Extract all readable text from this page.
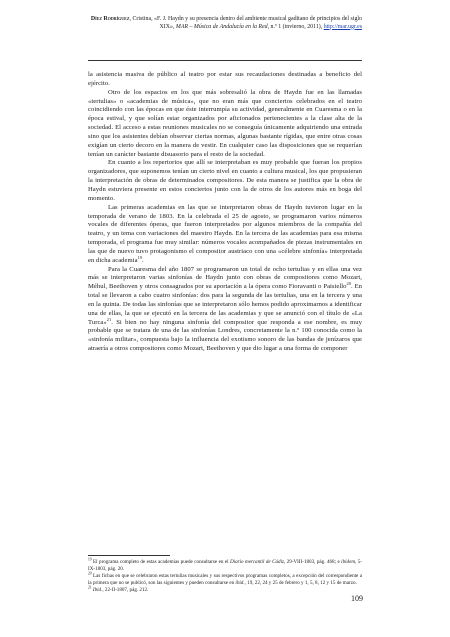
Díez Rodríguez, Cristina, «F. J. Haydn y su presencia dentro del ambiente musical gaditano de principios del siglo XIX», MAR – Música de Andalucía en la Red, n.º 1 (invierno, 2011), http://mar.ugr.es

la asistencia masiva de público al teatro por estar sus recaudaciones destinadas a beneficio del ejército.

Otro de los espacios en los que más sobresalió la obra de Haydn fue en las llamadas «tertulias» o «academias de música», que no eran más que conciertos celebrados en el teatro coincidiendo con las épocas en que éste interrumpía su actividad, generalmente en Cuaresma o en la época estival, y que solían estar organizados por aficionados pertenecientes a la clase alta de la sociedad. El acceso a estas reuniones musicales no se conseguía únicamente adquiriendo una entrada sino que los asistentes debían observar ciertas normas, algunas bastante rígidas, que entre otras cosas exigían un cierto decoro en la manera de vestir. En cualquier caso las disposiciones que se requerían tenían un carácter bastante disuasorio para el resto de la sociedad.

En cuanto a los repertorios que allí se interpretaban es muy probable que fueran los propios organizadores, que suponemos tenían un cierto nivel en cuanto a cultura musical, los que propusieran la interpretación de obras de determinados compositores. De esta manera se justifica que la obra de Haydn estuviera presente en estos conciertos junto con la de otros de los autores más en boga del momento.

Las primeras academias en las que se interpretaron obras de Haydn tuvieron lugar en la temporada de verano de 1803. En la celebrada el 25 de agosto, se programaron varios números vocales de diferentes óperas, que fueron interpretados por algunos miembros de la compañía del teatro, y un tema con variaciones del maestro Haydn. En la tercera de las academias para esa misma temporada, el programa fue muy similar: números vocales acompañados de piezas instrumentales en las que de nuevo tuvo protagonismo el compositor austriaco con una «célebre sinfonía» interpretada en dicha academia$^{19}$.

Para la Cuaresma del año 1807 se programaron un total de ocho tertulias y en ellas una vez más se interpretaron varias sinfonías de Haydn junto con obras de compositores como Mozart, Méhul, Beethoven y otros consagrados por su aportación a la ópera como Fioravanti o Paisiello$^{20}$. En total se llevaron a cabo cuatro sinfonías: dos para la segunda de las tertulias, una en la tercera y una en la quinta. De todas las sinfonías que se interpretaron sólo hemos podido aproximarnos a identificar una de ellas, la que se ejecutó en la tercera de las academias y que se anunció con el título de «La Turca»$^{21}$. Si bien no hay ninguna sinfonía del compositor que responda a ese nombre, es muy probable que se tratara de una de las sinfonías Londres, concretamente la n.º 100 conocida como la «sinfonía militar», compuesta bajo la influencia del exotismo sonoro de las bandas de jenízaros que atraería a otros compositores como Mozart, Beethoven y que dio lugar a una forma de componer

$^{19}$ El programa completo de estas academias puede consultarse en el Diario mercantil de Cádiz, 29-VIII-1803, pág. 468; e ibidem, 5-IX-1803, pág. 20.

$^{20}$ Las fichas en que se celebraron estas tertulias musicales y sus respectivos programas completos, a excepción del correspondiente a la primera que no se publicó, son las siguientes y pueden consultarse en ibid., 19, 22, 24 y 25 de febrero y 1, 5, 8, 12 y 15 de marzo.

$^{21}$ Ibid., 22-II-1807, pág. 212.

109
